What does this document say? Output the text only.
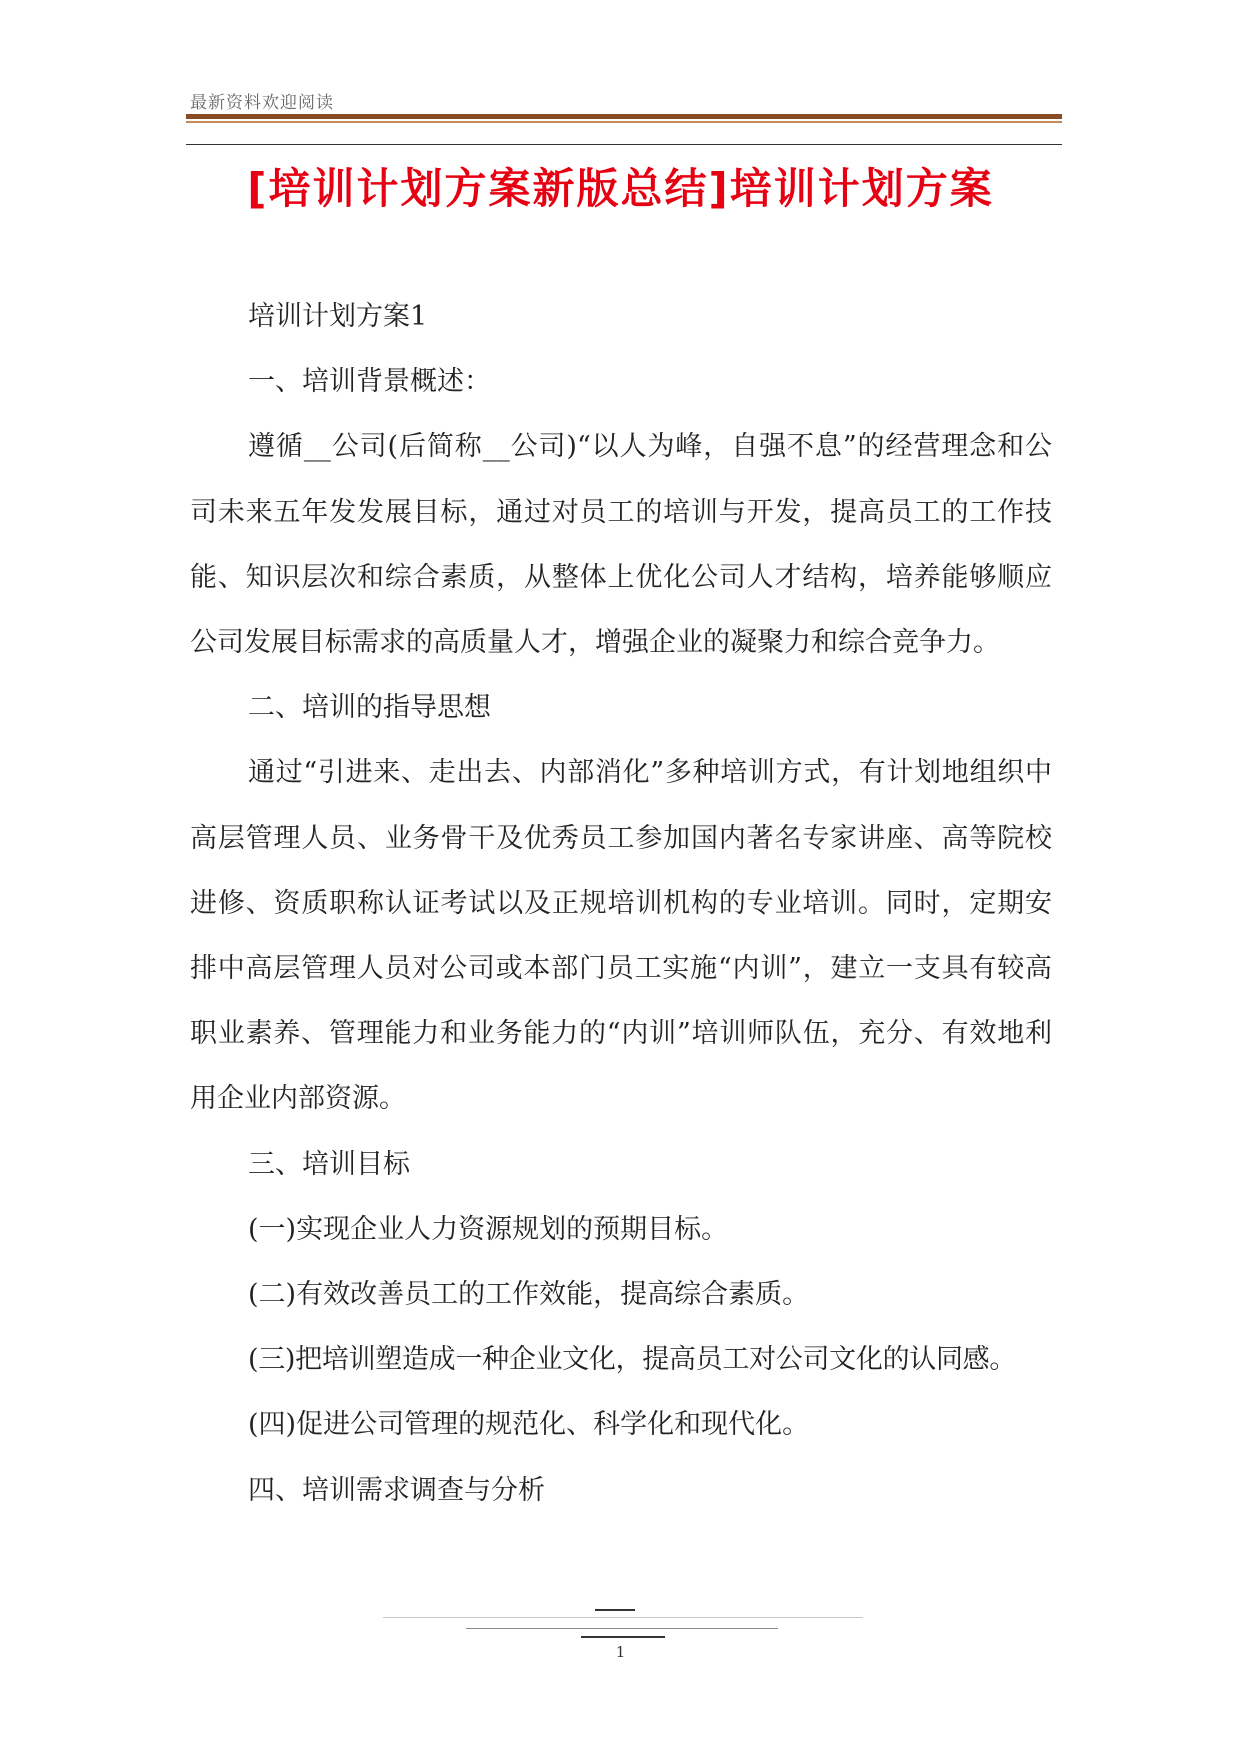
最新资料欢迎阅读
[培训计划方案新版总结]培训计划方案

培训计划方案1

一、培训背景概述：

遵循__公司(后简称__公司)“以人为峰，自强不息”的经营理念和公司未来五年发发展目标，通过对员工的培训与开发，提高员工的工作技能、知识层次和综合素质，从整体上优化公司人才结构，培养能够顺应公司发展目标需求的高质量人才，增强企业的凝聚力和综合竞争力。

二、培训的指导思想

通过“引进来、走出去、内部消化”多种培训方式，有计划地组织中高层管理人员、业务骨干及优秀员工参加国内著名专家讲座、高等院校进修、资质职称认证考试以及正规培训机构的专业培训。同时，定期安排中高层管理人员对公司或本部门员工实施“内训”，建立一支具有较高职业素养、管理能力和业务能力的“内训”培训师队伍，充分、有效地利用企业内部资源。

三、培训目标

(一)实现企业人力资源规划的预期目标。

(二)有效改善员工的工作效能，提高综合素质。

(三)把培训塑造成一种企业文化，提高员工对公司文化的认同感。

(四)促进公司管理的规范化、科学化和现代化。

四、培训需求调查与分析

1
